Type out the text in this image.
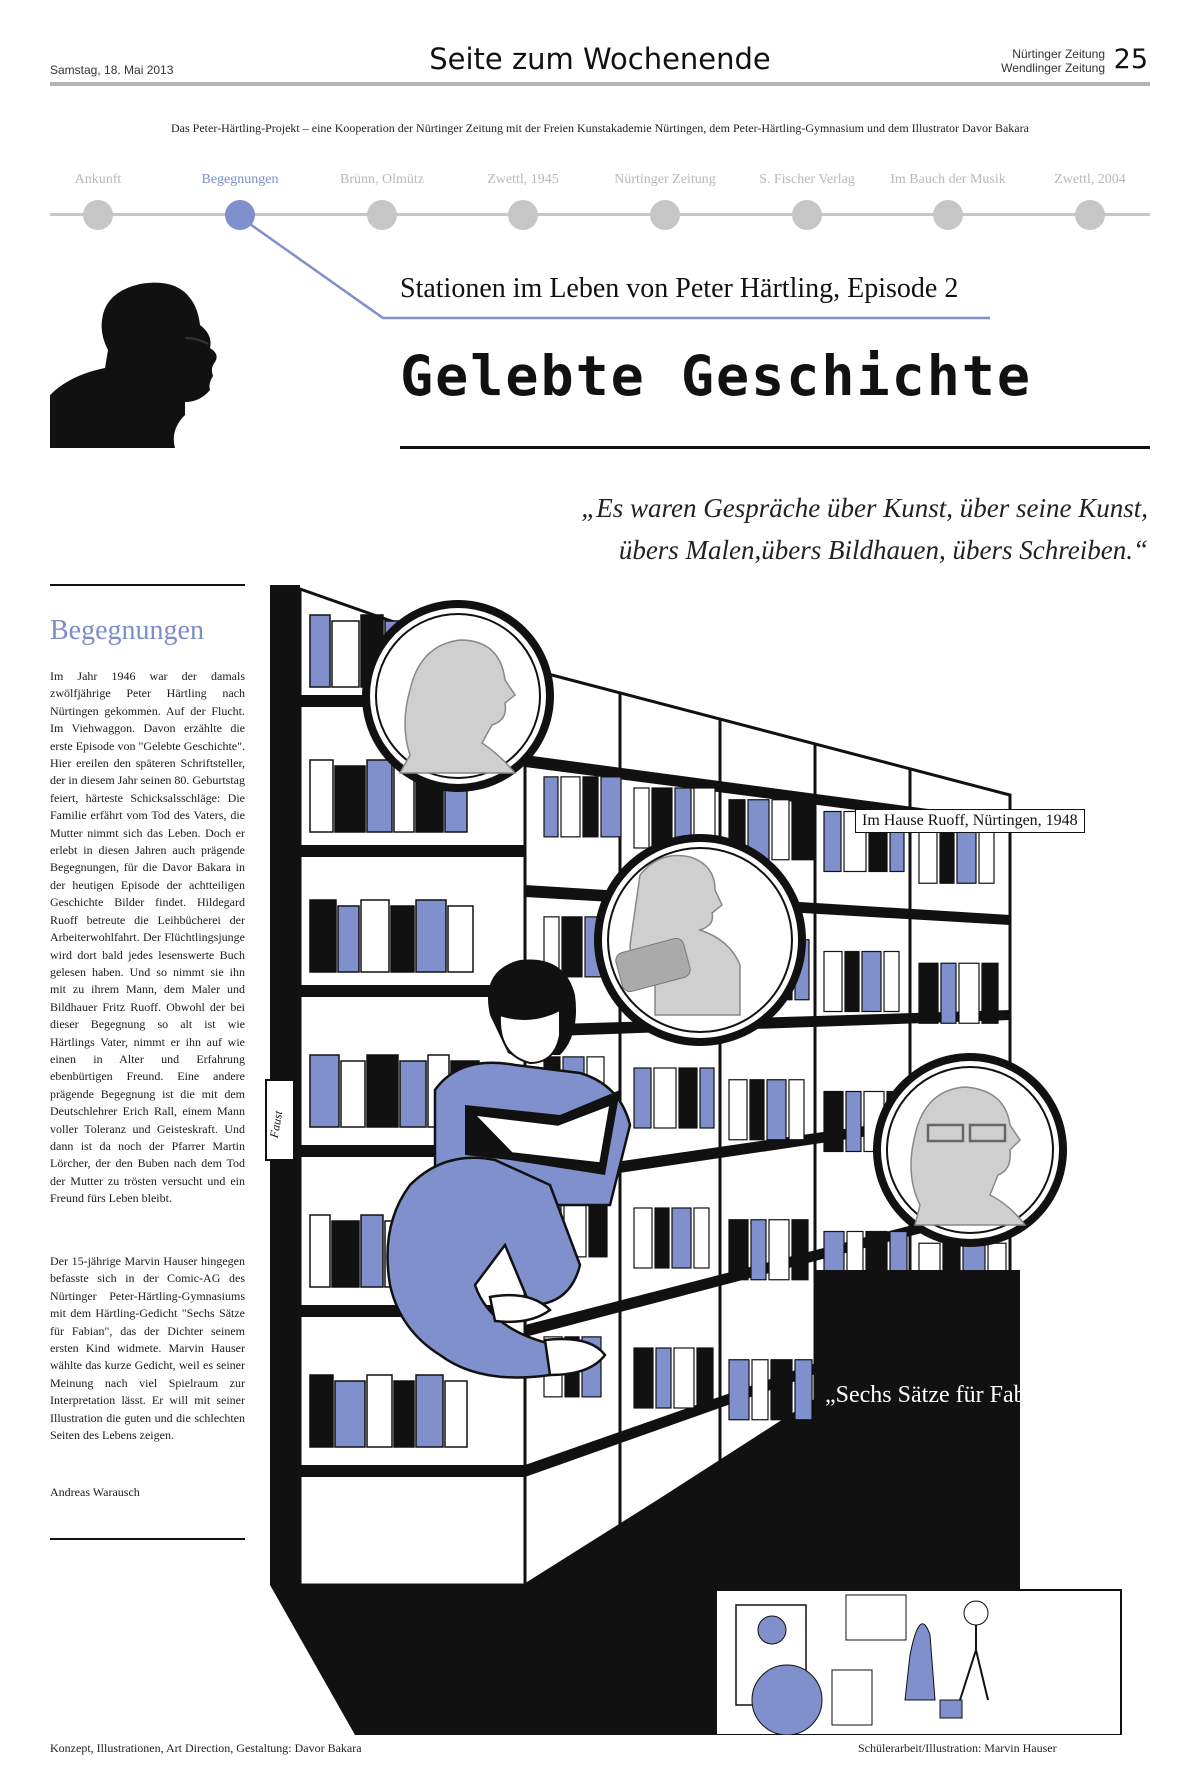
Samstag, 18. Mai 2013	Seite zum Wochenende	Nürtinger Zeitung
Wendlinger Zeitung 25
Das Peter-Härtling-Projekt – eine Kooperation der Nürtinger Zeitung mit der Freien Kunstakademie Nürtingen, dem Peter-Härtling-Gymnasium und dem Illustrator Davor Bakara
Ankunft	Begegnungen	Brünn, Olmütz	Zwettl, 1945	Nürtinger Zeitung	S. Fischer Verlag	Im Bauch der Musik	Zwettl, 2004
Stationen im Leben von Peter Härtling, Episode 2
Gelebte Geschichte
„Es waren Gespräche über Kunst, über seine Kunst,
übers Malen,übers Bildhauen, übers Schreiben.“
Begegnungen
Im Jahr 1946 war der damals zwölfjährige Peter Härtling nach Nürtingen gekommen. Auf der Flucht. Im Viehwaggon. Davon erzählte die erste Episode von "Gelebte Geschichte". Hier ereilen den späteren Schriftsteller, der in diesem Jahr seinen 80. Geburtstag feiert, härteste Schicksalsschläge: Die Familie erfährt vom Tod des Vaters, die Mutter nimmt sich das Leben. Doch er erlebt in diesen Jahren auch prägende Begegnungen, für die Davor Bakara in der heutigen Episode der achtteiligen Geschichte Bilder findet. Hildegard Ruoff betreute die Leihbücherei der Arbeiterwohlfahrt. Der Flüchtlingsjunge wird dort bald jedes lesenswerte Buch gelesen haben. Und so nimmt sie ihn mit zu ihrem Mann, dem Maler und Bildhauer Fritz Ruoff. Obwohl der bei dieser Begegnung so alt ist wie Härtlings Vater, nimmt er ihn auf wie einen in Alter und Erfahrung ebenbürtigen Freund. Eine andere prägende Begegnung ist die mit dem Deutschlehrer Erich Rall, einem Mann voller Toleranz und Geisteskraft. Und dann ist da noch der Pfarrer Martin Lörcher, der den Buben nach dem Tod der Mutter zu trösten versucht und ein Freund fürs Leben bleibt.
Der 15-jährige Marvin Hauser hingegen befasste sich in der Comic-AG des Nürtinger Peter-Härtling-Gymnasiums mit dem Härtling-Gedicht "Sechs Sätze für Fabian", das der Dichter seinem ersten Kind widmete. Marvin Hauser wählte das kurze Gedicht, weil es seiner Meinung nach viel Spielraum zur Interpretation lässt. Er will mit seiner Illustration die guten und die schlechten Seiten des Lebens zeigen.
Andreas Warausch
Faust
Im Hause Ruoff, Nürtingen, 1948
„Sechs Sätze für Fabian“
Konzept, Illustrationen, Art Direction, Gestaltung: Davor Bakara	Schülerarbeit/Illustration: Marvin Hauser
